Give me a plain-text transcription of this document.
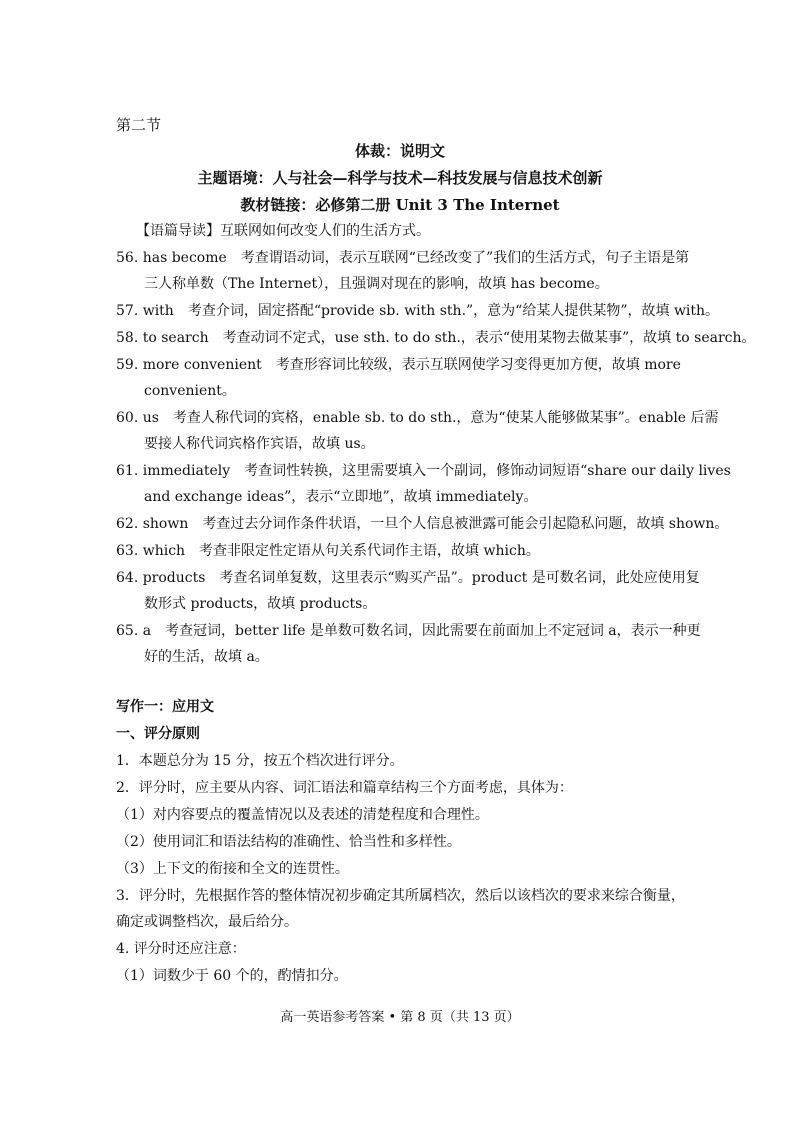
第二节
体裁：说明文
主题语境：人与社会—科学与技术—科技发展与信息技术创新
教材链接：必修第二册 Unit 3 The Internet
【语篇导读】互联网如何改变人们的生活方式。
56. has become　考查谓语动词，表示互联网“已经改变了”我们的生活方式，句子主语是第
三人称单数（The Internet），且强调对现在的影响，故填 has become。
57. with　考查介词，固定搭配“provide sb. with sth.”，意为“给某人提供某物”，故填 with。
58. to search　考查动词不定式，use sth. to do sth.，表示“使用某物去做某事”，故填 to search。
59. more convenient　考查形容词比较级，表示互联网使学习变得更加方便，故填 more
convenient。
60. us　考查人称代词的宾格，enable sb. to do sth.，意为“使某人能够做某事”。enable 后需
要接人称代词宾格作宾语，故填 us。
61. immediately　考查词性转换，这里需要填入一个副词，修饰动词短语“share our daily lives
and exchange ideas”，表示“立即地”，故填 immediately。
62. shown　考查过去分词作条件状语，一旦个人信息被泄露可能会引起隐私问题，故填 shown。
63. which　考查非限定性定语从句关系代词作主语，故填 which。
64. products　考查名词单复数，这里表示“购买产品”。product 是可数名词，此处应使用复
数形式 products，故填 products。
65. a　考查冠词，better life 是单数可数名词，因此需要在前面加上不定冠词 a，表示一种更
好的生活，故填 a。
写作一：应用文
一、评分原则
1．本题总分为 15 分，按五个档次进行评分。
2．评分时，应主要从内容、词汇语法和篇章结构三个方面考虑，具体为：
（1）对内容要点的覆盖情况以及表述的清楚程度和合理性。
（2）使用词汇和语法结构的准确性、恰当性和多样性。
（3）上下文的衔接和全文的连贯性。
3．评分时，先根据作答的整体情况初步确定其所属档次，然后以该档次的要求来综合衡量，
确定或调整档次，最后给分。
4. 评分时还应注意：
（1）词数少于 60 个的，酌情扣分。
高一英语参考答案 • 第 8 页（共 13 页）
